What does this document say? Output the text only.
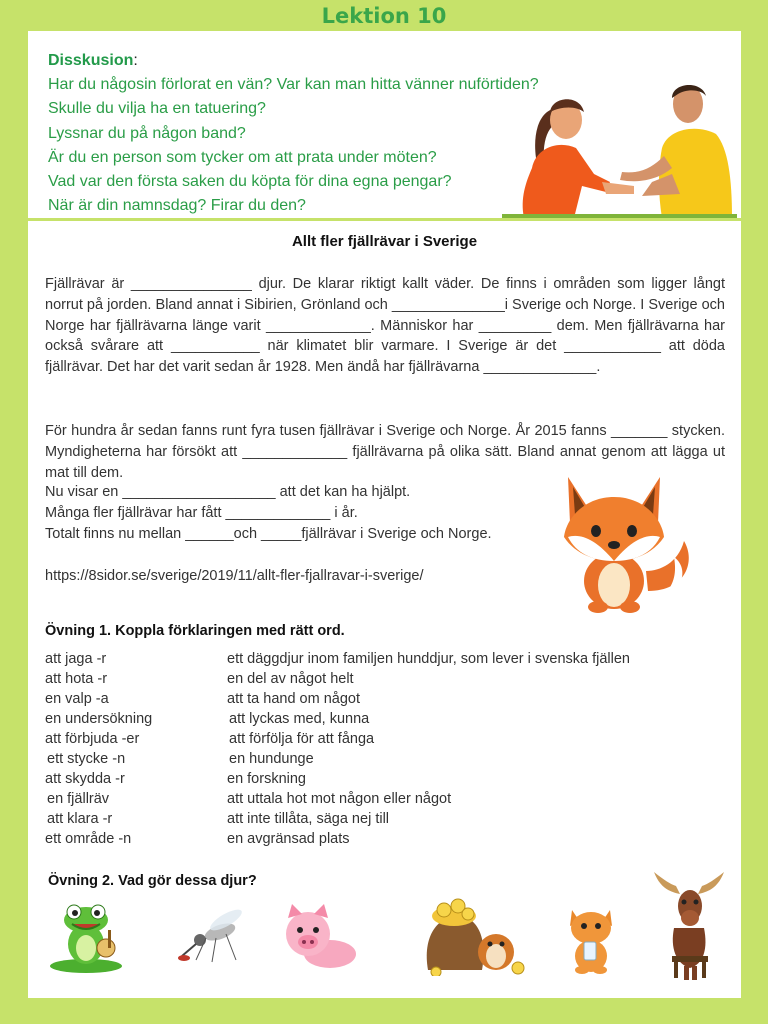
Lektion 10
Disskusion:
Har du någosin förlorat en vän? Var kan man hitta vänner nuförtiden?
Skulle du vilja ha en tatuering?
Lyssnar du på någon band?
Är du en person som tycker om att prata under möten?
Vad var den första saken du köpta för dina egna pengar?
När är din namnsdag? Firar du den?
Allt fler fjällrävar i Sverige
Fjällrävar är _______________ djur. De klarar riktigt kallt väder. De finns i områden som ligger långt norrut på jorden. Bland annat i Sibirien, Grönland och ______________i Sverige och Norge. I Sverige och Norge har fjällrävarna länge varit _____________. Människor har _________ dem. Men fjällrävarna har också svårare att ___________ när klimatet blir varmare. I Sverige är det ____________ att döda fjällrävar. Det har det varit sedan år 1928. Men ändå har fjällrävarna ______________.
För hundra år sedan fanns runt fyra tusen fjällrävar i Sverige och Norge. År 2015 fanns _______ stycken. Myndigheterna har försökt att _____________ fjällrävarna på olika sätt. Bland annat genom att lägga ut mat till dem.
Nu visar en ___________________ att det kan ha hjälpt.
Många fler fjällrävar har fått _____________ i år.
Totalt finns nu mellan ______och _____fjällrävar i Sverige och Norge.
https://8sidor.se/sverige/2019/11/allt-fler-fjallravar-i-sverige/
Övning 1. Koppla förklaringen med rätt ord.
att jaga -r	ett däggdjur inom familjen hunddjur, som lever i svenska fjällen
att hota -r	en del av något helt
en valp -a	att ta hand om något
en undersökning	att lyckas med, kunna
att förbjuda -er	att förfölja för att fånga
ett stycke -n	en hundunge
att skydda -r	en forskning
en fjällräv	att uttala hot mot någon eller något
att klara -r	att inte tillåta, säga nej till
ett område -n	en avgränsad plats
Övning 2. Vad gör dessa djur?
